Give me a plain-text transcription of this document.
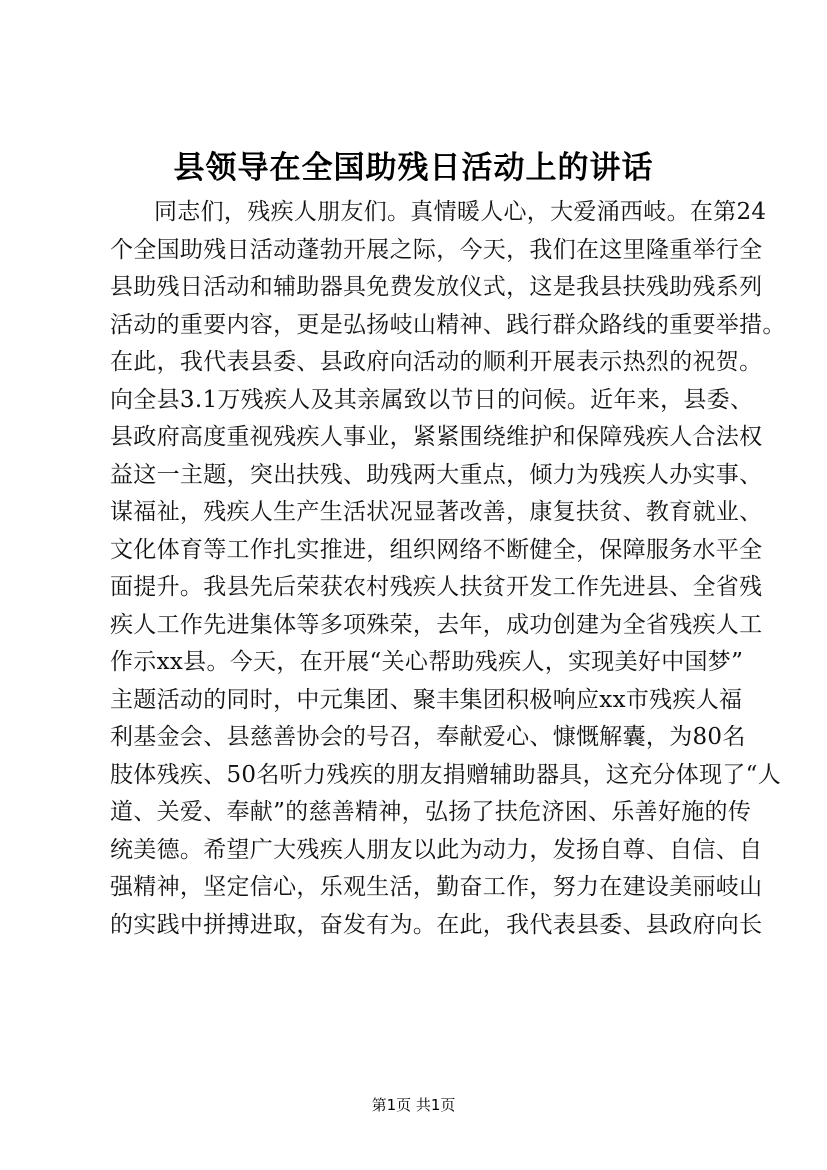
县领导在全国助残日活动上的讲话
同志们，残疾人朋友们。真情暖人心，大爱涌西岐。在第24
个全国助残日活动蓬勃开展之际，今天，我们在这里隆重举行全
县助残日活动和辅助器具免费发放仪式，这是我县扶残助残系列
活动的重要内容，更是弘扬岐山精神、践行群众路线的重要举措。
在此，我代表县委、县政府向活动的顺利开展表示热烈的祝贺。
向全县3.1万残疾人及其亲属致以节日的问候。近年来，县委、
县政府高度重视残疾人事业，紧紧围绕维护和保障残疾人合法权
益这一主题，突出扶残、助残两大重点，倾力为残疾人办实事、
谋福祉，残疾人生产生活状况显著改善，康复扶贫、教育就业、
文化体育等工作扎实推进，组织网络不断健全，保障服务水平全
面提升。我县先后荣获农村残疾人扶贫开发工作先进县、全省残
疾人工作先进集体等多项殊荣，去年，成功创建为全省残疾人工
作示xx县。今天，在开展“关心帮助残疾人，实现美好中国梦”
主题活动的同时，中元集团、聚丰集团积极响应xx市残疾人福
利基金会、县慈善协会的号召，奉献爱心、慷慨解囊，为80名
肢体残疾、50名听力残疾的朋友捐赠辅助器具，这充分体现了“人
道、关爱、奉献”的慈善精神，弘扬了扶危济困、乐善好施的传
统美德。希望广大残疾人朋友以此为动力，发扬自尊、自信、自
强精神，坚定信心，乐观生活，勤奋工作，努力在建设美丽岐山
的实践中拼搏进取，奋发有为。在此，我代表县委、县政府向长
第1页 共1页
